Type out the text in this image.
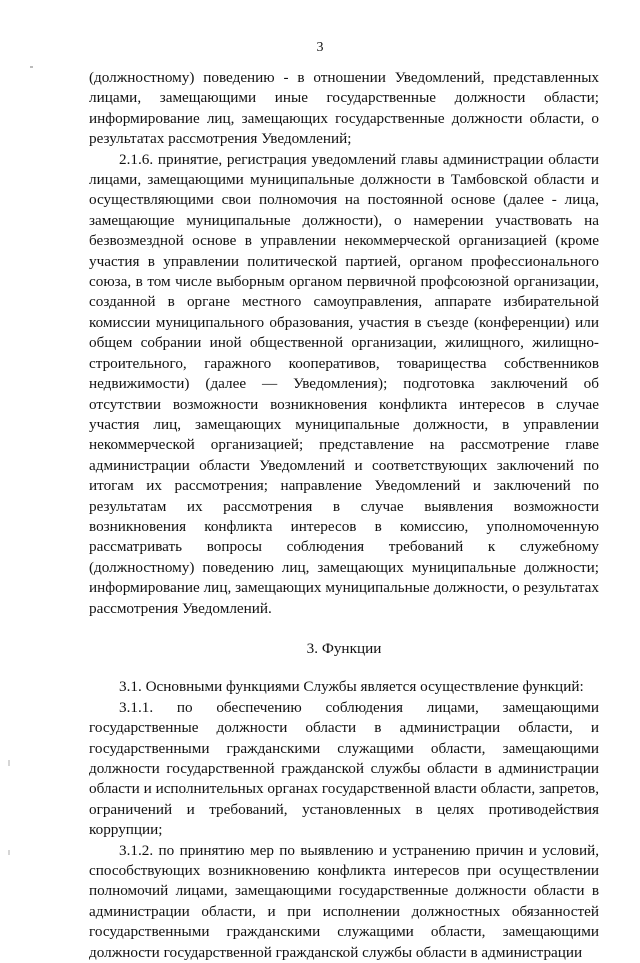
3

(должностному) поведению - в отношении Уведомлений, представленных лицами, замещающими иные государственные должности области; информирование лиц, замещающих государственные должности области, о результатах рассмотрения Уведомлений;

2.1.6. принятие, регистрация уведомлений главы администрации области лицами, замещающими муниципальные должности в Тамбовской области и осуществляющими свои полномочия на постоянной основе (далее - лица, замещающие муниципальные должности), о намерении участвовать на безвозмездной основе в управлении некоммерческой организацией (кроме участия в управлении политической партией, органом профессионального союза, в том числе выборным органом первичной профсоюзной организации, созданной в органе местного самоуправления, аппарате избирательной комиссии муниципального образования, участия в съезде (конференции) или общем собрании иной общественной организации, жилищного, жилищно-строительного, гаражного кооперативов, товарищества собственников недвижимости) (далее — Уведомления); подготовка заключений об отсутствии возможности возникновения конфликта интересов в случае участия лиц, замещающих муниципальные должности, в управлении некоммерческой организацией; представление на рассмотрение главе администрации области Уведомлений и соответствующих заключений по итогам их рассмотрения; направление Уведомлений и заключений по результатам их рассмотрения в случае выявления возможности возникновения конфликта интересов в комиссию, уполномоченную рассматривать вопросы соблюдения требований к служебному (должностному) поведению лиц, замещающих муниципальные должности; информирование лиц, замещающих муниципальные должности, о результатах рассмотрения Уведомлений.

3. Функции

3.1. Основными функциями Службы является осуществление функций:

3.1.1. по обеспечению соблюдения лицами, замещающими государственные должности области в администрации области, и государственными гражданскими служащими области, замещающими должности государственной гражданской службы области в администрации области и исполнительных органах государственной власти области, запретов, ограничений и требований, установленных в целях противодействия коррупции;

3.1.2. по принятию мер по выявлению и устранению причин и условий, способствующих возникновению конфликта интересов при осуществлении полномочий лицами, замещающими государственные должности области в администрации области, и при исполнении должностных обязанностей государственными гражданскими служащими области, замещающими должности государственной гражданской службы области в администрации
